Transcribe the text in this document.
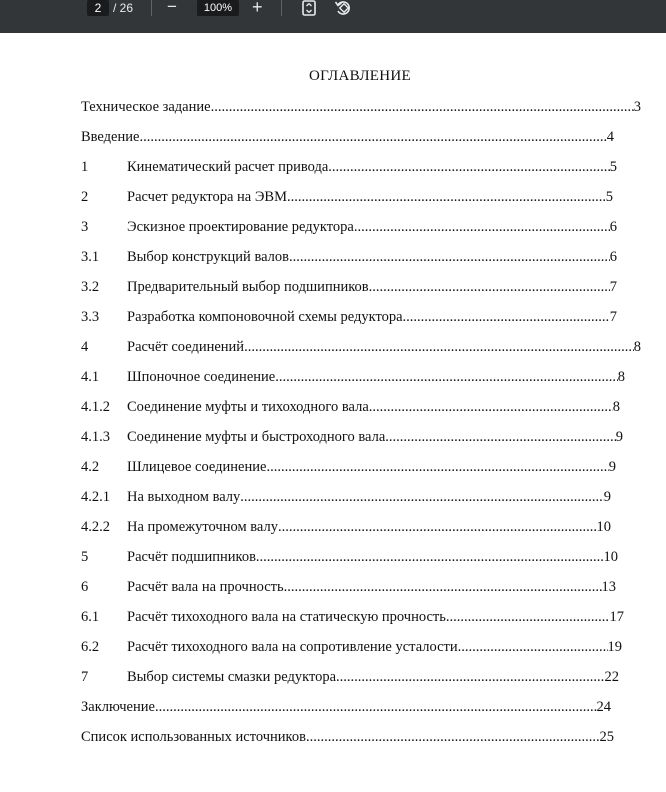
2
/ 26 −
100%	+
ОГЛАВЛЕНИЕ
Техническое задание .....	3
Введение .....	4
1	Кинематический расчет привода .....	5
2	Расчет редуктора на ЭВМ .....	5
3	Эскизное проектирование редуктора .....	6
3.1 Выбор конструкций валов .....	6
3.2 Предварительный выбор подшипников .....	7
3.3 Разработка компоновочной схемы редуктора .....	7
4	Расчёт соединений .....	8
4.1 Шпоночное соединение .....	8
4.1.2 Соединение муфты и тихоходного вала .....	8
4.1.3 Соединение муфты и быстроходного вала .....	9
4.2 Шлицевое соединение .....	9
4.2.1 На выходном валу .....	9
4.2.2 На промежуточном валу .....	10
5	Расчёт подшипников .....	10
6	Расчёт вала на прочность .....	13
6.1 Расчёт тихоходного вала на статическую прочность .....	17
6.2 Расчёт тихоходного вала на сопротивление усталости .....	19
7	Выбор системы смазки редуктора .....	22
Заключение .....	24
Список использованных источников .....	25
